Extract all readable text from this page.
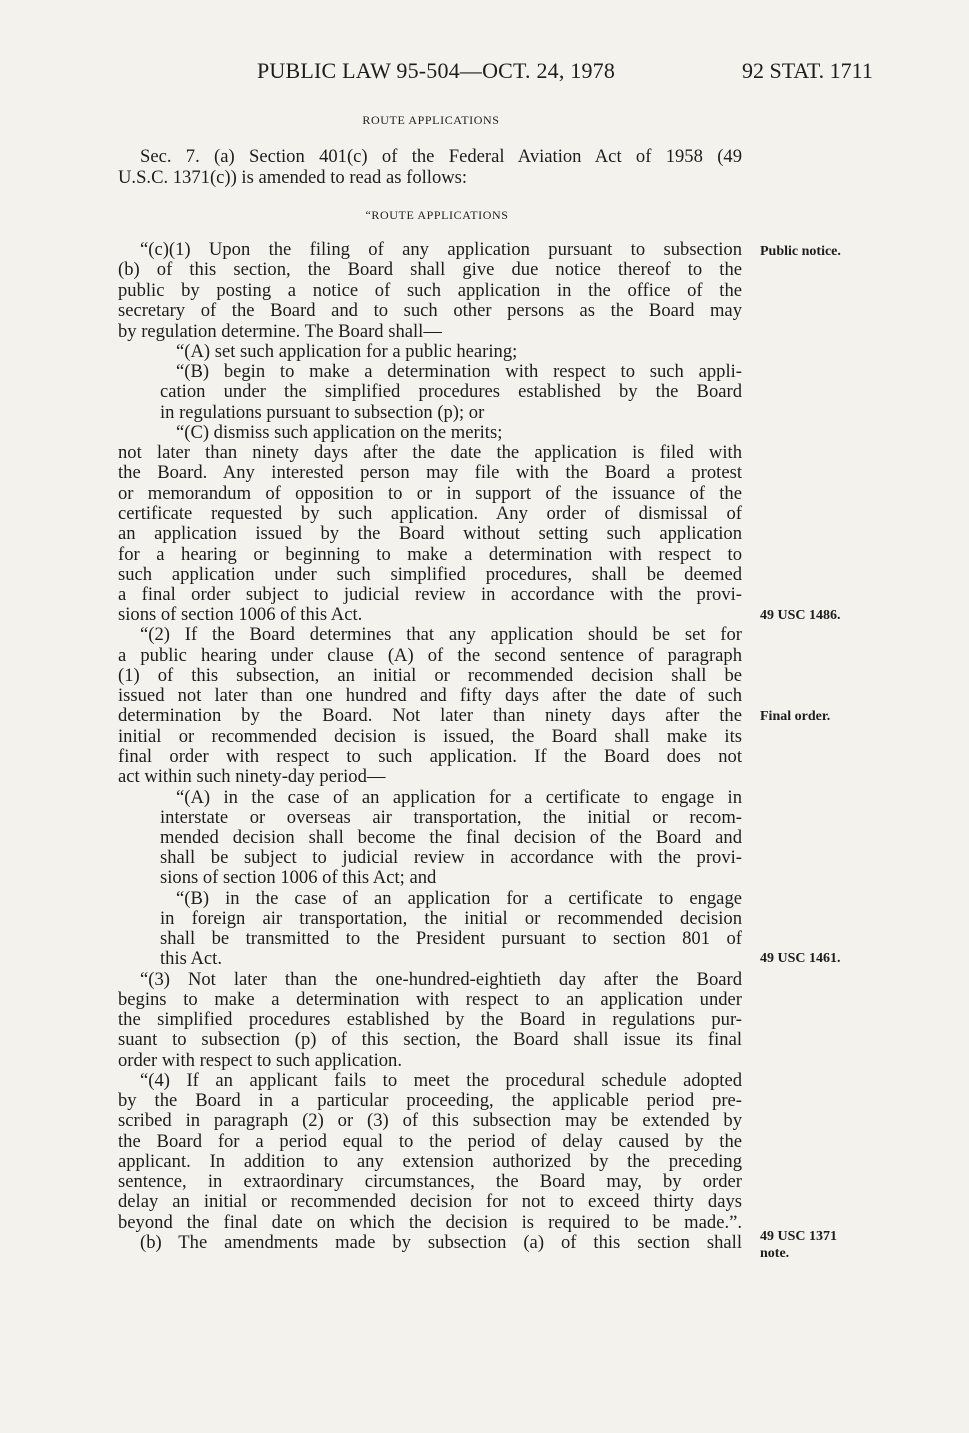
PUBLIC LAW 95-504—OCT. 24, 1978	92 STAT. 1711
ROUTE APPLICATIONS
Sec. 7. (a) Section 401(c) of the Federal Aviation Act of 1958 (49
U.S.C. 1371(c)) is amended to read as follows:
“ROUTE APPLICATIONS
“(c)(1) Upon the filing of any application pursuant to subsection
(b) of this section, the Board shall give due notice thereof to the
public by posting a notice of such application in the office of the
secretary of the Board and to such other persons as the Board may
by regulation determine. The Board shall—
“(A) set such application for a public hearing;
“(B) begin to make a determination with respect to such appli-
cation under the simplified procedures established by the Board
in regulations pursuant to subsection (p); or
“(C) dismiss such application on the merits;
not later than ninety days after the date the application is filed with
the Board. Any interested person may file with the Board a protest
or memorandum of opposition to or in support of the issuance of the
certificate requested by such application. Any order of dismissal of
an application issued by the Board without setting such application
for a hearing or beginning to make a determination with respect to
such application under such simplified procedures, shall be deemed
a final order subject to judicial review in accordance with the provi-
sions of section 1006 of this Act.
“(2) If the Board determines that any application should be set for
a public hearing under clause (A) of the second sentence of paragraph
(1) of this subsection, an initial or recommended decision shall be
issued not later than one hundred and fifty days after the date of such
determination by the Board. Not later than ninety days after the
initial or recommended decision is issued, the Board shall make its
final order with respect to such application. If the Board does not
act within such ninety-day period—
“(A) in the case of an application for a certificate to engage in
interstate or overseas air transportation, the initial or recom-
mended decision shall become the final decision of the Board and
shall be subject to judicial review in accordance with the provi-
sions of section 1006 of this Act; and
“(B) in the case of an application for a certificate to engage
in foreign air transportation, the initial or recommended decision
shall be transmitted to the President pursuant to section 801 of
this Act.
“(3) Not later than the one-hundred-eightieth day after the Board
begins to make a determination with respect to an application under
the simplified procedures established by the Board in regulations pur-
suant to subsection (p) of this section, the Board shall issue its final
order with respect to such application.
“(4) If an applicant fails to meet the procedural schedule adopted
by the Board in a particular proceeding, the applicable period pre-
scribed in paragraph (2) or (3) of this subsection may be extended by
the Board for a period equal to the period of delay caused by the
applicant. In addition to any extension authorized by the preceding
sentence, in extraordinary circumstances, the Board may, by order
delay an initial or recommended decision for not to exceed thirty days
beyond the final date on which the decision is required to be made.”.
(b) The amendments made by subsection (a) of this section shall
Public notice.
49 USC 1486.
Final order.
49 USC 1461.
49 USC 1371
note.
